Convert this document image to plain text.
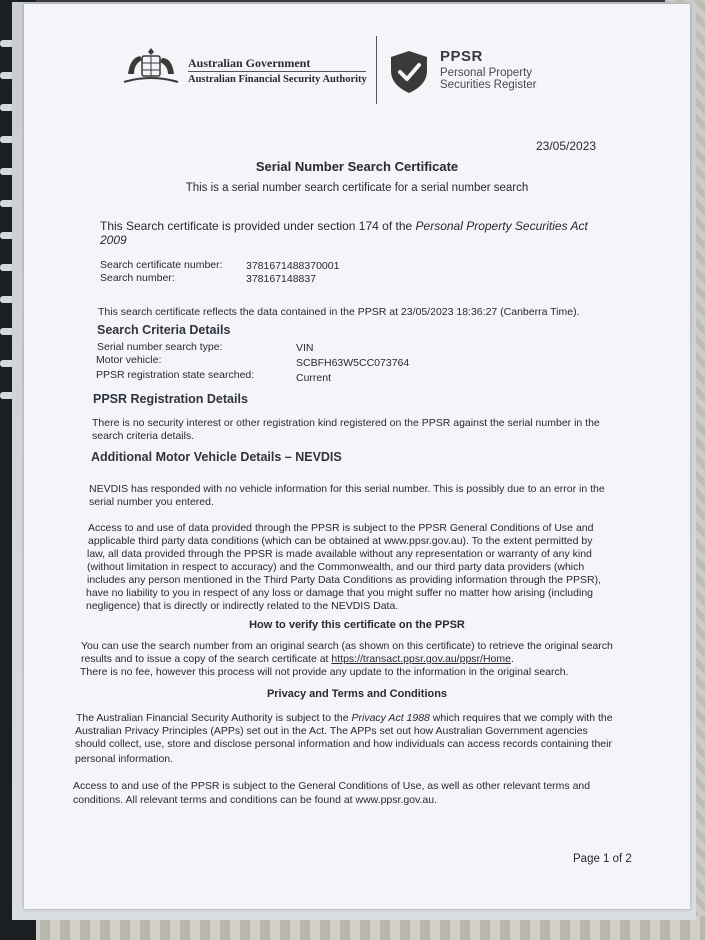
Australian Government
Australian Financial Security Authority
PPSR
Personal Property
Securities Register
23/05/2023
Serial Number Search Certificate
This is a serial number search certificate for a serial number search
This Search certificate is provided under section 174 of the Personal Property Securities Act
2009
Search certificate number: 3781671488370001
Search number:	378167148837
This search certificate reflects the data contained in the PPSR at 23/05/2023 18:36:27 (Canberra Time).
Search Criteria Details
Serial number search type:	VIN
Motor vehicle:	SCBFH63W5CC073764
PPSR registration state searched:	Current
PPSR Registration Details
There is no security interest or other registration kind registered on the PPSR against the serial number in the
search criteria details.
Additional Motor Vehicle Details – NEVDIS
NEVDIS has responded with no vehicle information for this serial number. This is possibly due to an error in the
serial number you entered.
Access to and use of data provided through the PPSR is subject to the PPSR General Conditions of Use and
applicable third party data conditions (which can be obtained at www.ppsr.gov.au). To the extent permitted by
law, all data provided through the PPSR is made available without any representation or warranty of any kind
(without limitation in respect to accuracy) and the Commonwealth, and our third party data providers (which
includes any person mentioned in the Third Party Data Conditions as providing information through the PPSR),
have no liability to you in respect of any loss or damage that you might suffer no matter how arising (including
negligence) that is directly or indirectly related to the NEVDIS Data.
How to verify this certificate on the PPSR
You can use the search number from an original search (as shown on this certificate) to retrieve the original search
results and to issue a copy of the search certificate at https://transact.ppsr.gov.au/ppsr/Home.
There is no fee, however this process will not provide any update to the information in the original search.
Privacy and Terms and Conditions
The Australian Financial Security Authority is subject to the Privacy Act 1988 which requires that we comply with the
Australian Privacy Principles (APPs) set out in the Act. The APPs set out how Australian Government agencies
should collect, use, store and disclose personal information and how individuals can access records containing their
personal information.
Access to and use of the PPSR is subject to the General Conditions of Use, as well as other relevant terms and
conditions. All relevant terms and conditions can be found at www.ppsr.gov.au.
Page 1 of 2
